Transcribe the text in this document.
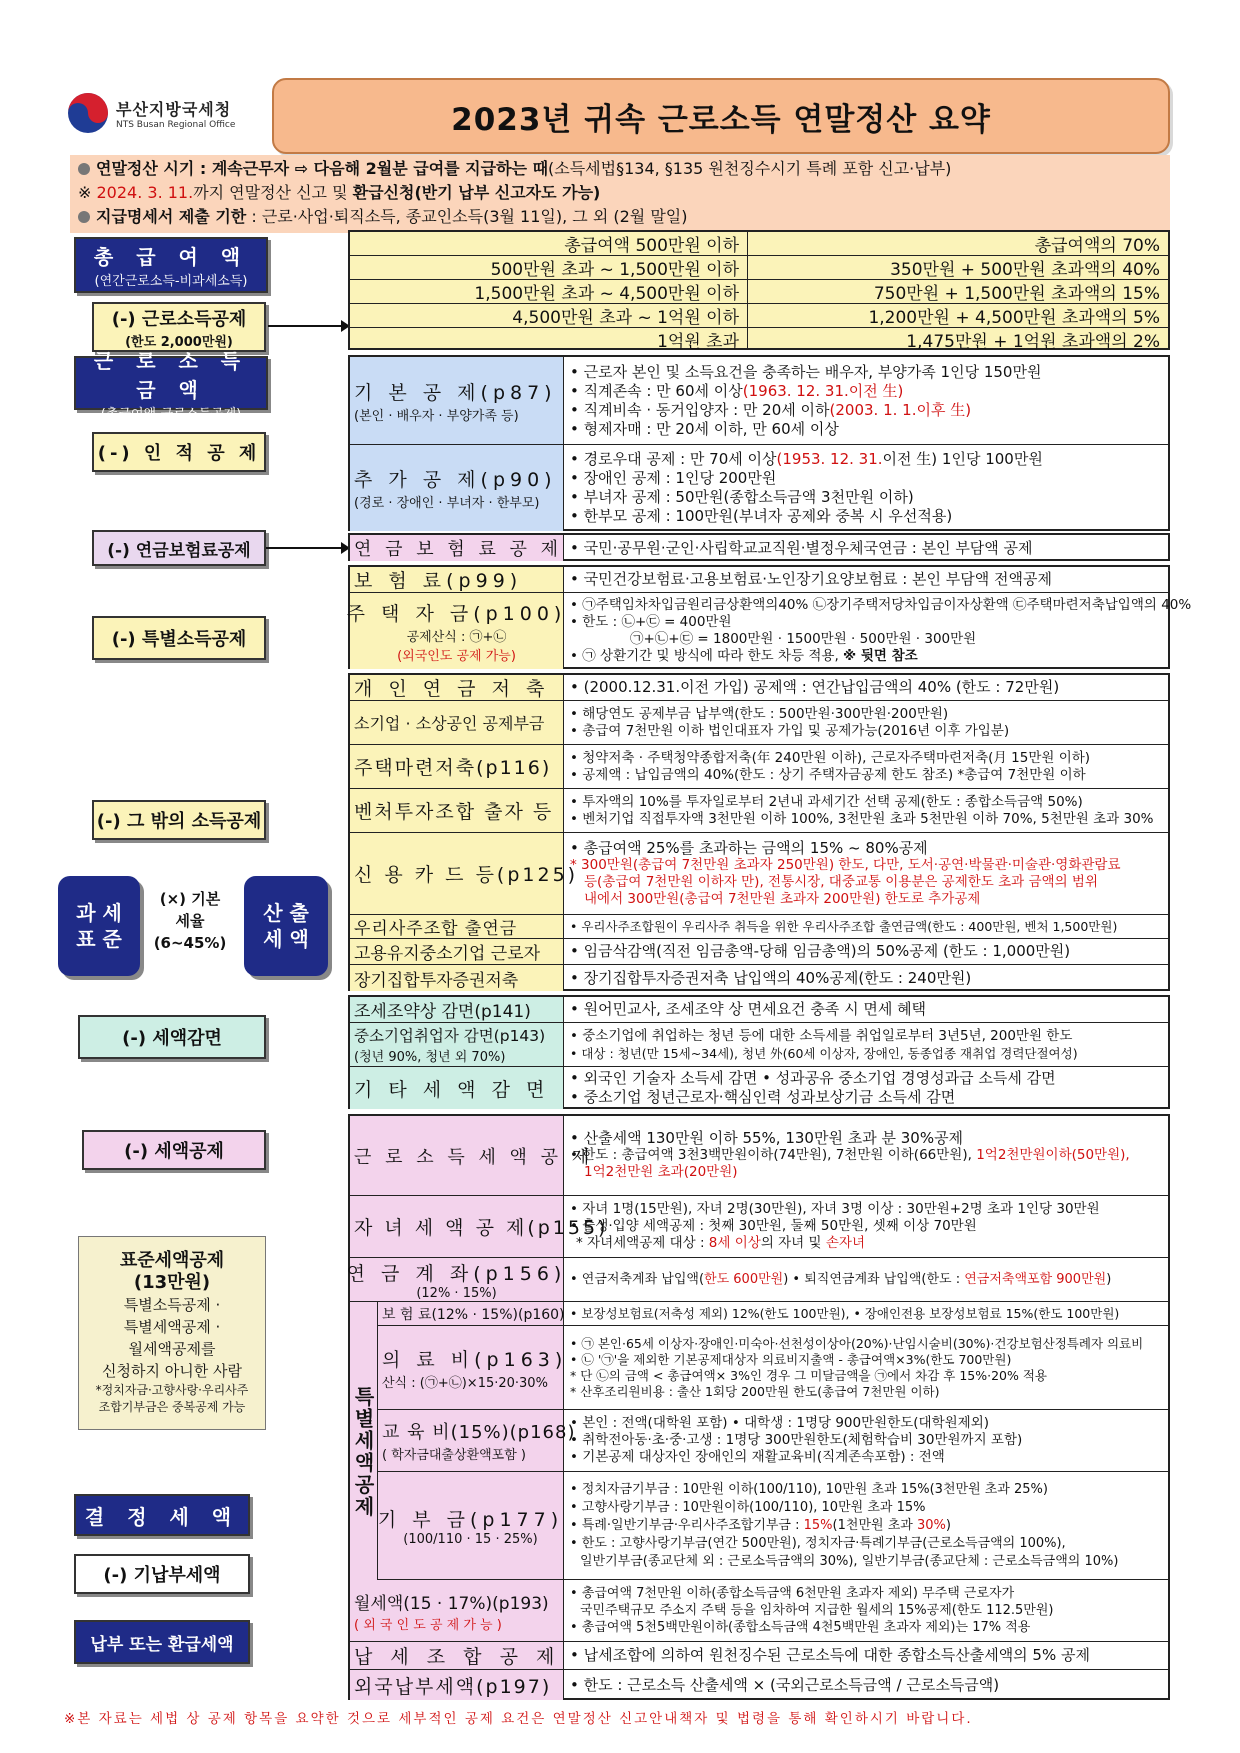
부산지방국세청
NTS Busan Regional Office	2023년 귀속 근로소득 연말정산 요약
연말정산 시기 : 계속근무자 ⇨ 다음해 2월분 급여를 지급하는 때(소득세법§134, §135 원천징수시기 특례 포함 신고·납부)
※ 2024. 3. 11.까지 연말정산 신고 및 환급신청(반기 납부 신고자도 가능)
지급명세서 제출 기한 : 근로·사업·퇴직소득, 종교인소득(3월 11일), 그 외 (2월 말일)
총 급 여 액
(연간근로소득-비과세소득)
(-) 근로소득공제
(한도 2,000만원)
근 로 소 득 금 액
(총급여액-근로소득공제)
(-) 인 적 공 제
(-) 연금보험료공제
(-) 특별소득공제
(-) 그 밖의 소득공제
과 세
표 준
(×) 기본
세율
(6~45%)
산 출
세 액
(-) 세액감면
(-) 세액공제
표준세액공제
(13만원)
특별소득공제 ·
특별세액공제 ·
월세액공제를
신청하지 아니한 사람
*정치자금·고향사랑·우리사주
조합기부금은 중복공제 가능
결 정 세 액
(-) 기납부세액
납부 또는 환급세액
총급여액 500만원 이하	총급여액의 70%
500만원 초과 ~ 1,500만원 이하	350만원 + 500만원 초과액의 40%
1,500만원 초과 ~ 4,500만원 이하	750만원 + 1,500만원 초과액의 15%
4,500만원 초과 ~ 1억원 이하	1,200만원 + 4,500만원 초과액의 5%
1억원 초과	1,475만원 + 1억원 초과액의 2%
기 본 공 제(p87)
(본인 · 배우자 · 부양가족 등)
• 근로자 본인 및 소득요건을 충족하는 배우자, 부양가족 1인당 150만원
• 직계존속 : 만 60세 이상(1963. 12. 31.이전 生)
• 직계비속 · 동거입양자 : 만 20세 이하(2003. 1. 1.이후 生)
• 형제자매 : 만 20세 이하, 만 60세 이상
추 가 공 제(p90)
(경로 · 장애인 · 부녀자 · 한부모)
• 경로우대 공제 : 만 70세 이상(1953. 12. 31.이전 生) 1인당 100만원
• 장애인 공제 : 1인당 200만원
• 부녀자 공제 : 50만원(종합소득금액 3천만원 이하)
• 한부모 공제 : 100만원(부녀자 공제와 중복 시 우선적용)
연 금 보 험 료 공 제 • 국민·공무원·군인·사립학교교직원·별정우체국연금 : 본인 부담액 공제
보 험 료(p99)	• 국민건강보험료·고용보험료·노인장기요양보험료 : 본인 부담액 전액공제
주 택 자 금(p100)
공제산식 : ㉠+㉡
(외국인도 공제 가능)
• ㉠주택임차차입금원리금상환액의40% ㉡장기주택저당차입금이자상환액 ㉢주택마련저축납입액의 40%
• 한도 : ㉡+㉢ = 400만원
㉠+㉡+㉢ = 1800만원 · 1500만원 · 500만원 · 300만원
• ㉠ 상환기간 및 방식에 따라 한도 차등 적용, ※ 뒷면 참조
개 인 연 금 저 축	• (2000.12.31.이전 가입) 공제액 : 연간납입금액의 40% (한도 : 72만원)
소기업 · 소상공인 공제부금
• 해당연도 공제부금 납부액(한도 : 500만원·300만원·200만원)
• 총급여 7천만원 이하 법인대표자 가입 및 공제가능(2016년 이후 가입분)
주택마련저축(p116)	• 청약저축 · 주택청약종합저축(年 240만원 이하), 근로자주택마련저축(月 15만원 이하)
• 공제액 : 납입금액의 40%(한도 : 상기 주택자금공제 한도 참조) *총급여 7천만원 이하
벤처투자조합 출자 등	• 투자액의 10%를 투자일로부터 2년내 과세기간 선택 공제(한도 : 종합소득금액 50%)
• 벤처기업 직접투자액 3천만원 이하 100%, 3천만원 초과 5천만원 이하 70%, 5천만원 초과 30%
신 용 카 드 등(p125)
• 총급여액 25%를 초과하는 금액의 15% ~ 80%공제
* 300만원(총급여 7천만원 초과자 250만원) 한도, 다만, 도서·공연·박물관·미술관·영화관람료
등(총급여 7천만원 이하자 만), 전통시장, 대중교통 이용분은 공제한도 초과 금액의 범위
내에서 300만원(총급여 7천만원 초과자 200만원) 한도로 추가공제
우리사주조합 출연금	• 우리사주조합원이 우리사주 취득을 위한 우리사주조합 출연금액(한도 : 400만원, 벤처 1,500만원)
고용유지중소기업 근로자	• 임금삭감액(직전 임금총액-당해 임금총액)의 50%공제 (한도 : 1,000만원)
장기집합투자증권저축	• 장기집합투자증권저축 납입액의 40%공제(한도 : 240만원)
조세조약상 감면(p141)	• 원어민교사, 조세조약 상 면세요건 충족 시 면세 혜택
중소기업취업자 감면(p143)
(청년 90%, 청년 외 70%)
• 중소기업에 취업하는 청년 등에 대한 소득세를 취업일로부터 3년5년, 200만원 한도
• 대상 : 청년(만 15세~34세), 청년 外(60세 이상자, 장애인, 동종업종 재취업 경력단절여성)
기 타 세 액 감 면
• 외국인 기술자 소득세 감면 • 성과공유 중소기업 경영성과급 소득세 감면
• 중소기업 청년근로자·핵심인력 성과보상기금 소득세 감면
근 로 소 득 세 액 공 제
• 산출세액 130만원 이하 55%, 130만원 초과 분 30%공제
• 한도 : 총급여액 3천3백만원이하(74만원), 7천만원 이하(66만원), 1억2천만원이하(50만원),
1억2천만원 초과(20만원)
자 녀 세 액 공 제(p155)
• 자녀 1명(15만원), 자녀 2명(30만원), 자녀 3명 이상 : 30만원+2명 초과 1인당 30만원
• 출생·입양 세액공제 : 첫째 30만원, 둘째 50만원, 셋째 이상 70만원
* 자녀세액공제 대상 : 8세 이상의 자녀 및 손자녀
연 금 계 좌(p156)
(12% · 15%)
• 연금저축계좌 납입액(한도 600만원) • 퇴직연금계좌 납입액(한도 : 연금저축액포함 900만원)
특별세액공제
보 험 료(12% · 15%)(p160) • 보장성보험료(저축성 제외) 12%(한도 100만원), • 장애인전용 보장성보험료 15%(한도 100만원)
의 료 비(p163)
산식 : (㉠+㉡)×15·20·30%
• ㉠ 본인·65세 이상자·장애인·미숙아·선천성이상아(20%)·난임시술비(30%)·건강보험산정특례자 의료비
• ㉡ '㉠'을 제외한 기본공제대상자 의료비지출액 - 총급여액×3%(한도 700만원)
* 단 ㉡의 금액 < 총급여액× 3%인 경우 그 미달금액을 ㉠에서 차감 후 15%·20% 적용
* 산후조리원비용 : 출산 1회당 200만원 한도(총급여 7천만원 이하)
교 육 비(15%)(p168)
( 학자금대출상환액포함 )
• 본인 : 전액(대학원 포함) • 대학생 : 1명당 900만원한도(대학원제외)
• 취학전아동·초·중·고생 : 1명당 300만원한도(체험학습비 30만원까지 포함)
• 기본공제 대상자인 장애인의 재활교육비(직계존속포함) : 전액
기 부 금(p177)
(100/110 · 15 · 25%)
• 정치자금기부금 : 10만원 이하(100/110), 10만원 초과 15%(3천만원 초과 25%)
• 고향사랑기부금 : 10만원이하(100/110), 10만원 초과 15%
• 특례·일반기부금·우리사주조합기부금 : 15%(1천만원 초과 30%)
• 한도 : 고향사랑기부금(연간 500만원), 정치자금·특례기부금(근로소득금액의 100%),
일반기부금(종교단체 외 : 근로소득금액의 30%), 일반기부금(종교단체 : 근로소득금액의 10%)
월세액(15 · 17%)(p193)
( 외 국 인 도 공 제 가 능 )
• 총급여액 7천만원 이하(종합소득금액 6천만원 초과자 제외) 무주택 근로자가
국민주택규모 주소지 주택 등을 임차하여 지급한 월세의 15%공제(한도 112.5만원)
• 총급여액 5천5백만원이하(종합소득금액 4천5백만원 초과자 제외)는 17% 적용
납 세 조 합 공 제 • 납세조합에 의하여 원천징수된 근로소득에 대한 종합소득산출세액의 5% 공제
외국납부세액(p197)	• 한도 : 근로소득 산출세액 × (국외근로소득금액 / 근로소득금액)
※본 자료는 세법 상 공제 항목을 요약한 것으로 세부적인 공제 요건은 연말정산 신고안내책자 및 법령을 통해 확인하시기 바랍니다.
